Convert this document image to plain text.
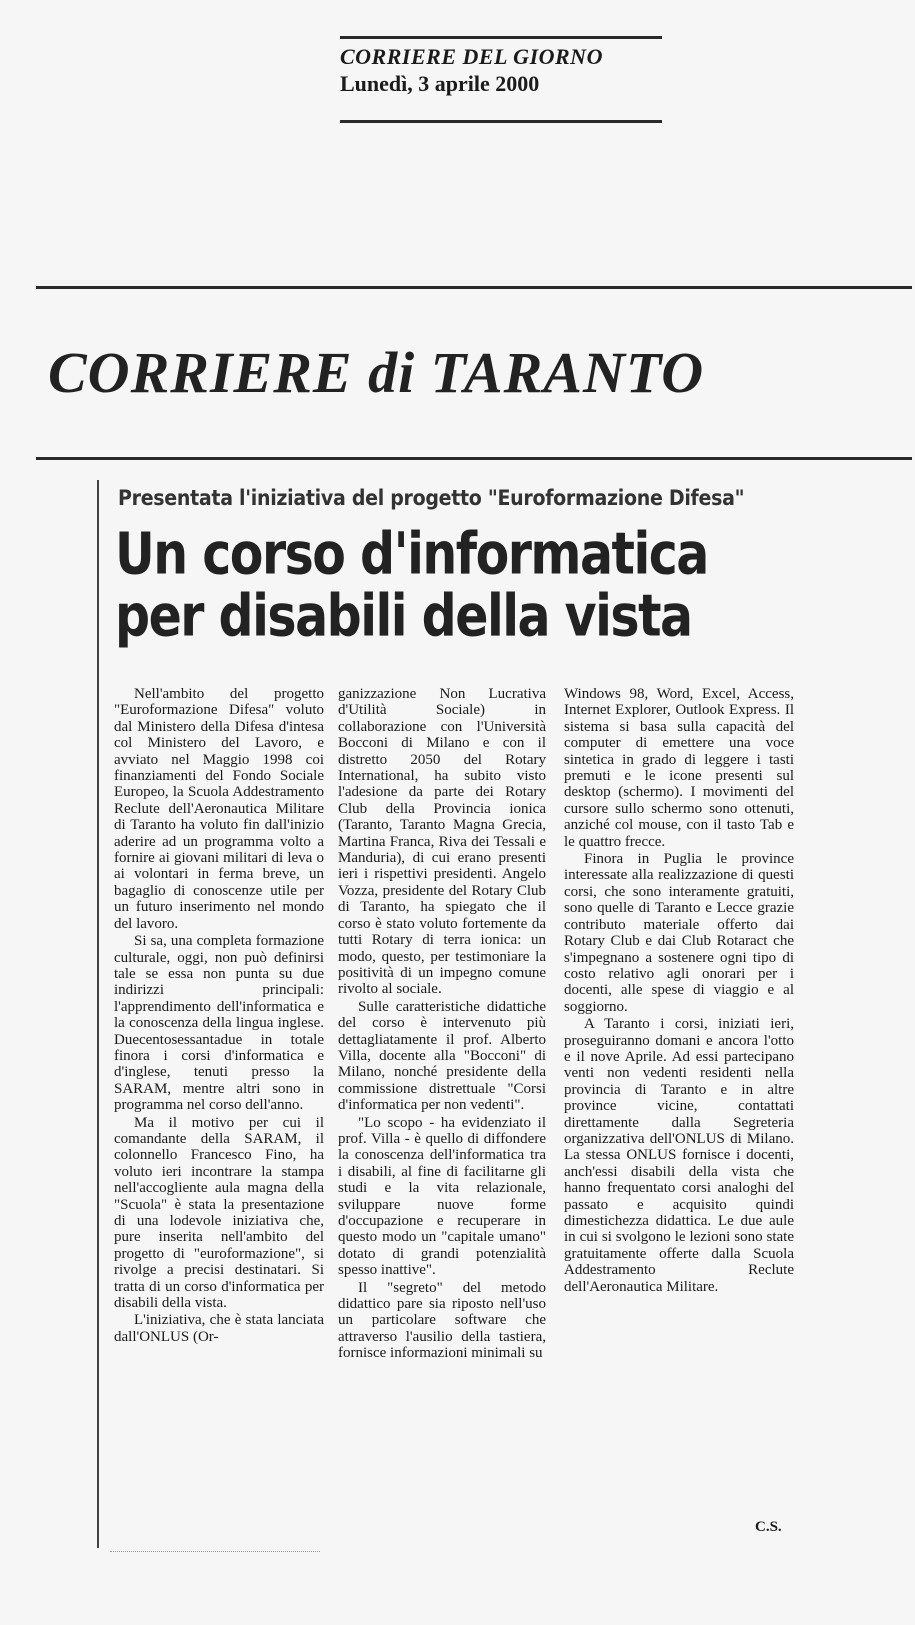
CORRIERE DEL GIORNO
Lunedì, 3 aprile 2000
CORRIERE di TARANTO
Presentata l'iniziativa del progetto "Euroformazione Difesa"
Un corso d'informatica
per disabili della vista

Nell'ambito del progetto "Euroformazione Difesa" voluto dal Ministero della Difesa d'intesa col Ministero del Lavoro, e avviato nel Maggio 1998 coi finanziamenti del Fondo Sociale Europeo, la Scuola Addestramento Reclute dell'Aeronautica Militare di Taranto ha voluto fin dall'inizio aderire ad un programma volto a fornire ai giovani militari di leva o ai volontari in ferma breve, un bagaglio di conoscenze utile per un futuro inserimento nel mondo del lavoro.

Si sa, una completa formazione culturale, oggi, non può definirsi tale se essa non punta su due indirizzi principali: l'apprendimento dell'informatica e la conoscenza della lingua inglese. Duecentosessantadue in totale finora i corsi d'informatica e d'inglese, tenuti presso la SARAM, mentre altri sono in programma nel corso dell'anno.

Ma il motivo per cui il comandante della SARAM, il colonnello Francesco Fino, ha voluto ieri incontrare la stampa nell'accogliente aula magna della "Scuola" è stata la presentazione di una lodevole iniziativa che, pure inserita nell'ambito del progetto di "euroformazione", si rivolge a precisi destinatari. Si tratta di un corso d'informatica per disabili della vista.

L'iniziativa, che è stata lanciata dall'ONLUS (Or-

ganizzazione Non Lucrativa d'Utilità Sociale) in collaborazione con l'Università Bocconi di Milano e con il distretto 2050 del Rotary International, ha subito visto l'adesione da parte dei Rotary Club della Provincia ionica (Taranto, Taranto Magna Grecia, Martina Franca, Riva dei Tessali e Manduria), di cui erano presenti ieri i rispettivi presidenti. Angelo Vozza, presidente del Rotary Club di Taranto, ha spiegato che il corso è stato voluto fortemente da tutti Rotary di terra ionica: un modo, questo, per testimoniare la positività di un impegno comune rivolto al sociale.

Sulle caratteristiche didattiche del corso è intervenuto più dettagliatamente il prof. Alberto Villa, docente alla "Bocconi" di Milano, nonché presidente della commissione distrettuale "Corsi d'informatica per non vedenti".

"Lo scopo - ha evidenziato il prof. Villa - è quello di diffondere la conoscenza dell'informatica tra i disabili, al fine di facilitarne gli studi e la vita relazionale, sviluppare nuove forme d'occupazione e recuperare in questo modo un "capitale umano" dotato di grandi potenzialità spesso inattive".

Il "segreto" del metodo didattico pare sia riposto nell'uso un particolare software che attraverso l'ausilio della tastiera, fornisce informazioni minimali su

Windows 98, Word, Excel, Access, Internet Explorer, Outlook Express. Il sistema si basa sulla capacità del computer di emettere una voce sintetica in grado di leggere i tasti premuti e le icone presenti sul desktop (schermo). I movimenti del cursore sullo schermo sono ottenuti, anziché col mouse, con il tasto Tab e le quattro frecce.

Finora in Puglia le province interessate alla realizzazione di questi corsi, che sono interamente gratuiti, sono quelle di Taranto e Lecce grazie contributo materiale offerto dai Rotary Club e dai Club Rotaract che s'impegnano a sostenere ogni tipo di costo relativo agli onorari per i docenti, alle spese di viaggio e al soggiorno.

A Taranto i corsi, iniziati ieri, proseguiranno domani e ancora l'otto e il nove Aprile. Ad essi partecipano venti non vedenti residenti nella provincia di Taranto e in altre province vicine, contattati direttamente dalla Segreteria organizzativa dell'ONLUS di Milano. La stessa ONLUS fornisce i docenti, anch'essi disabili della vista che hanno frequentato corsi analoghi del passato e acquisito quindi dimestichezza didattica. Le due aule in cui si svolgono le lezioni sono state gratuitamente offerte dalla Scuola Addestramento Reclute dell'Aeronautica Militare.

C.S.
